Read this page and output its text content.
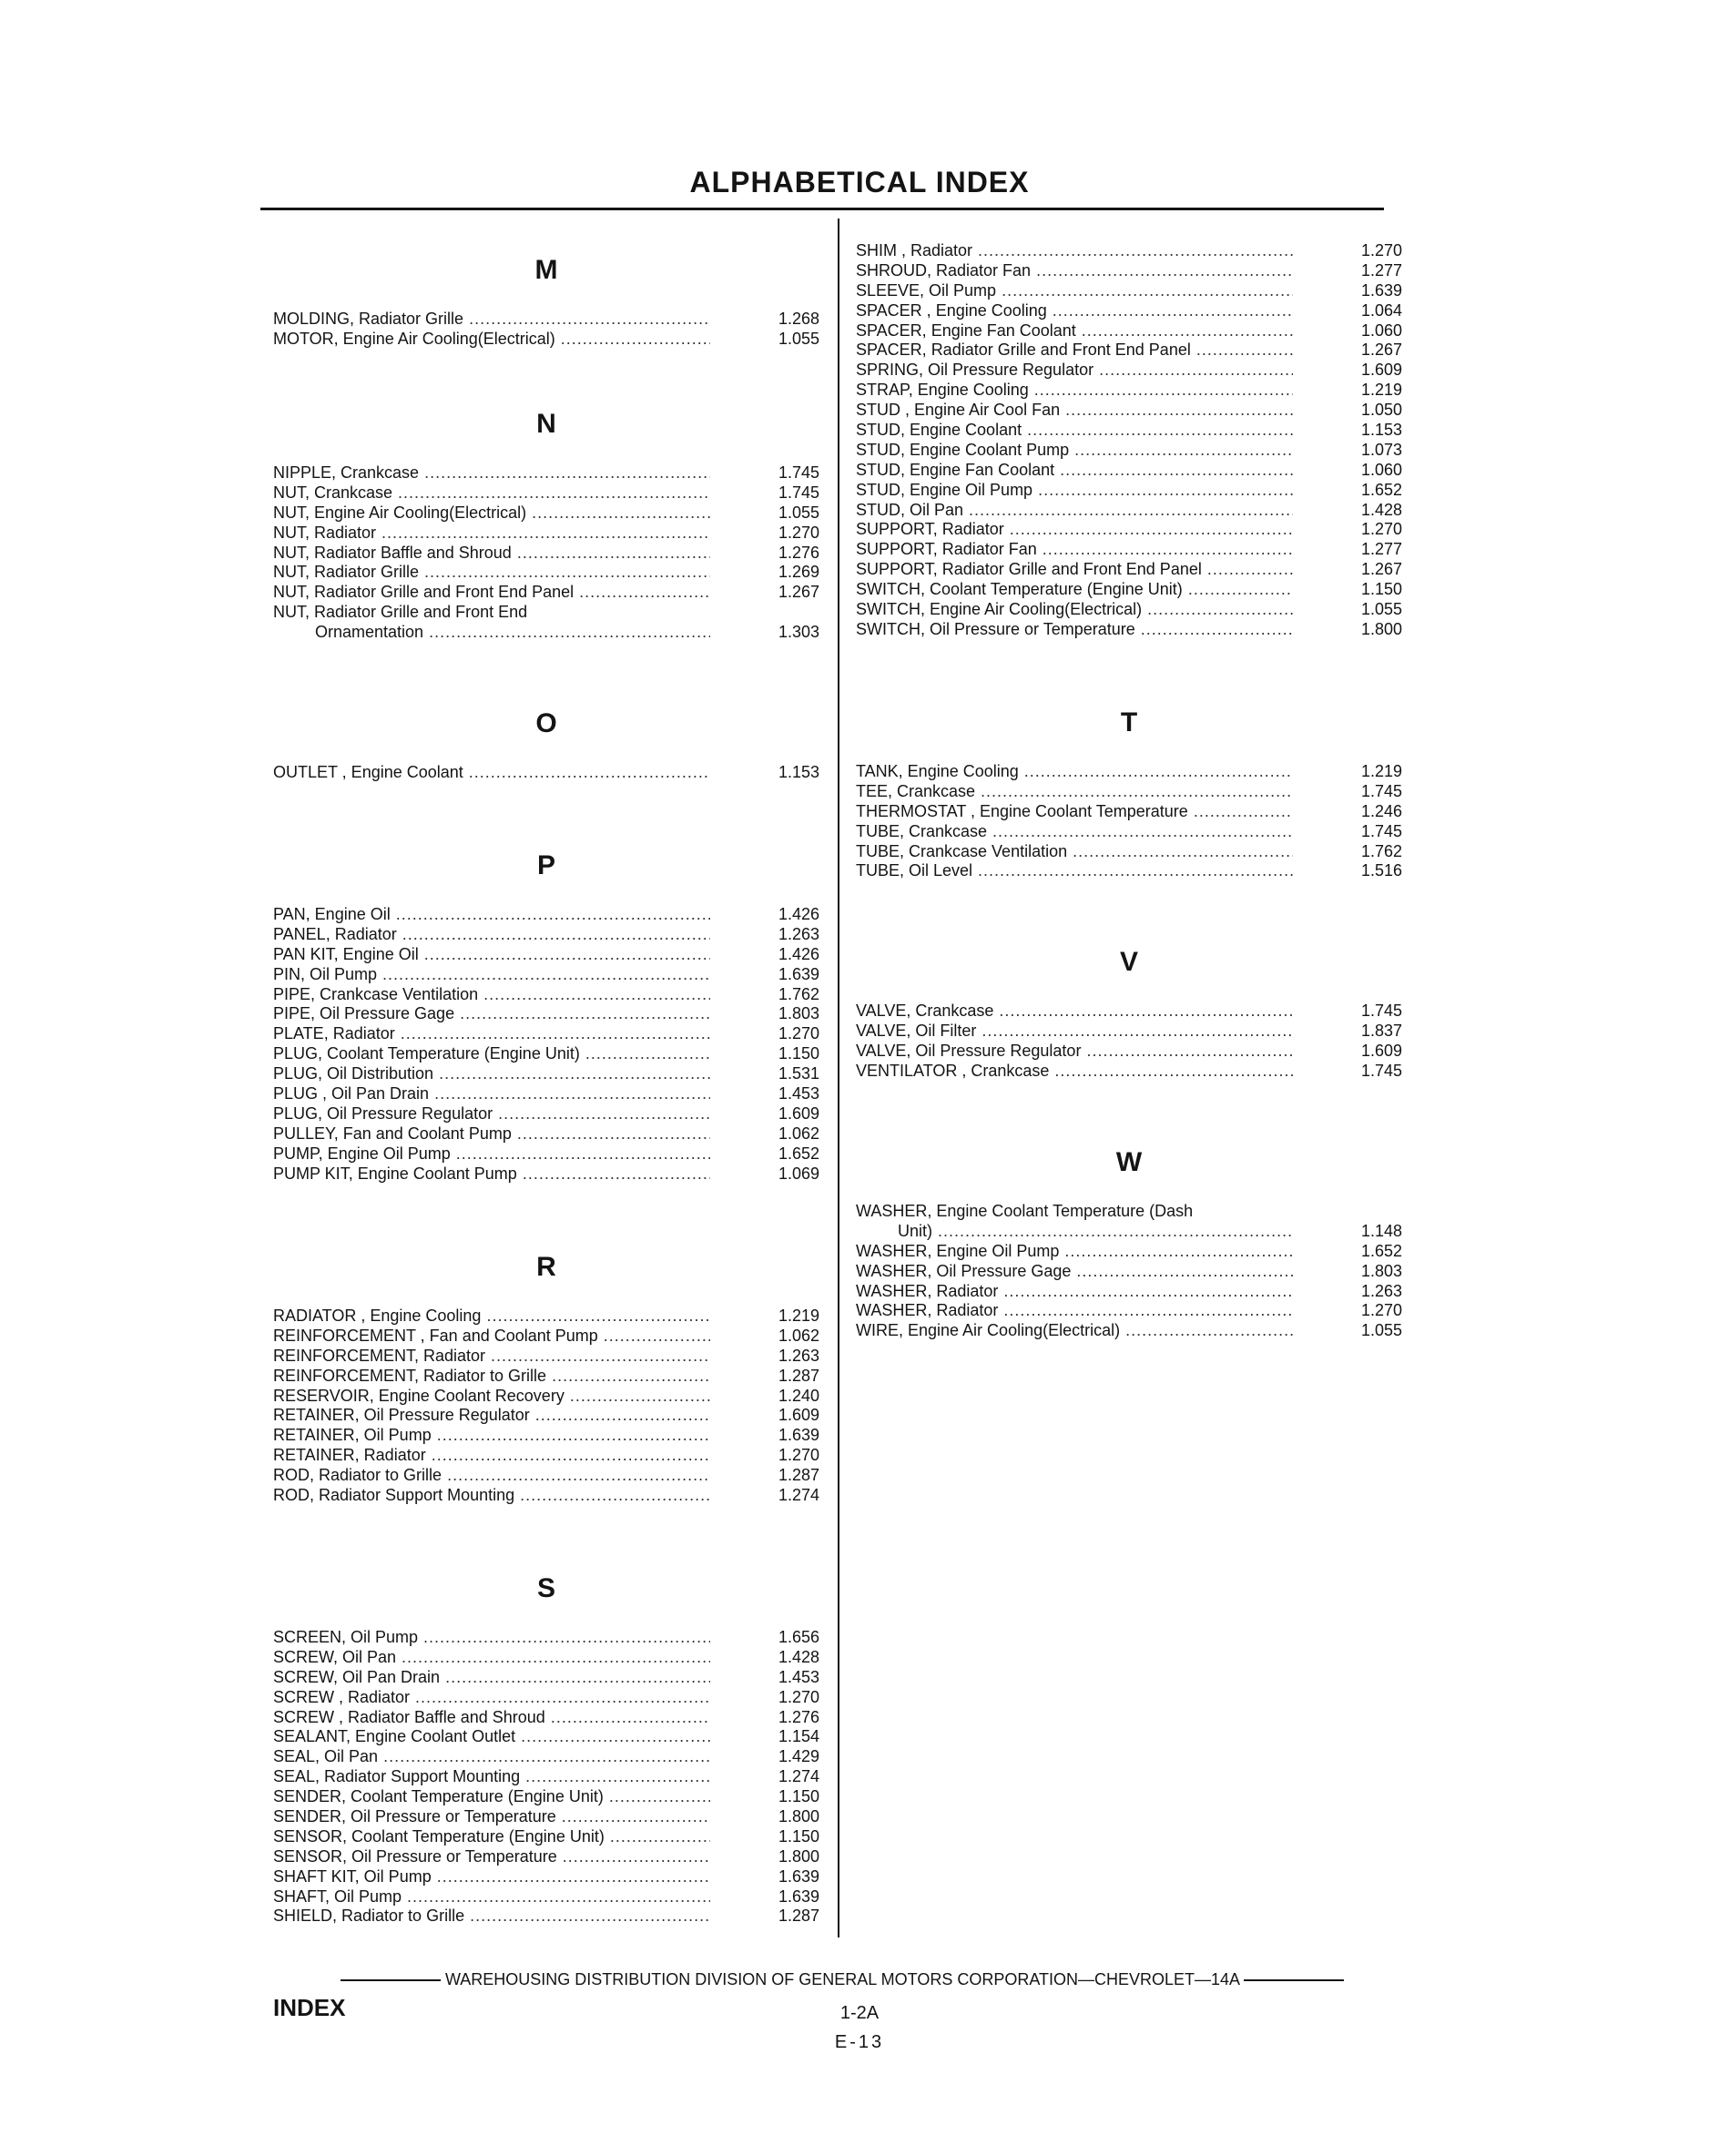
ALPHABETICAL INDEX
M
MOLDING, Radiator Grille .....	1.268
MOTOR, Engine Air Cooling(Electrical) .....	1.055
N
NIPPLE, Crankcase .....	1.745
NUT, Crankcase .....	1.745
NUT, Engine Air Cooling(Electrical) .....	1.055
NUT, Radiator .....	1.270
NUT, Radiator Baffle and Shroud .....	1.276
NUT, Radiator Grille .....	1.269
NUT, Radiator Grille and Front End Panel .....	1.267
NUT, Radiator Grille and Front End
Ornamentation .....	1.303
O
OUTLET , Engine Coolant .....	1.153
P
PAN, Engine Oil .....	1.426
PANEL, Radiator .....	1.263
PAN KIT, Engine Oil .....	1.426
PIN, Oil Pump .....	1.639
PIPE, Crankcase Ventilation .....	1.762
PIPE, Oil Pressure Gage .....	1.803
PLATE, Radiator .....	1.270
PLUG, Coolant Temperature (Engine Unit) .....	1.150
PLUG, Oil Distribution .....	1.531
PLUG , Oil Pan Drain .....	1.453
PLUG, Oil Pressure Regulator .....	1.609
PULLEY, Fan and Coolant Pump .....	1.062
PUMP, Engine Oil Pump .....	1.652
PUMP KIT, Engine Coolant Pump .....	1.069
R
RADIATOR , Engine Cooling .....	1.219
REINFORCEMENT , Fan and Coolant Pump .....	1.062
REINFORCEMENT, Radiator .....	1.263
REINFORCEMENT, Radiator to Grille .....	1.287
RESERVOIR, Engine Coolant Recovery .....	1.240
RETAINER, Oil Pressure Regulator .....	1.609
RETAINER, Oil Pump .....	1.639
RETAINER, Radiator .....	1.270
ROD, Radiator to Grille .....	1.287
ROD, Radiator Support Mounting .....	1.274
S
SCREEN, Oil Pump .....	1.656
SCREW, Oil Pan .....	1.428
SCREW, Oil Pan Drain .....	1.453
SCREW , Radiator .....	1.270
SCREW , Radiator Baffle and Shroud .....	1.276
SEALANT, Engine Coolant Outlet .....	1.154
SEAL, Oil Pan .....	1.429
SEAL, Radiator Support Mounting .....	1.274
SENDER, Coolant Temperature (Engine Unit) .....	1.150
SENDER, Oil Pressure or Temperature .....	1.800
SENSOR, Coolant Temperature (Engine Unit) .....	1.150
SENSOR, Oil Pressure or Temperature .....	1.800
SHAFT KIT, Oil Pump .....	1.639
SHAFT, Oil Pump .....	1.639
SHIELD, Radiator to Grille .....	1.287
SHIM , Radiator .....	1.270
SHROUD, Radiator Fan .....	1.277
SLEEVE, Oil Pump .....	1.639
SPACER , Engine Cooling .....	1.064
SPACER, Engine Fan Coolant .....	1.060
SPACER, Radiator Grille and Front End Panel .....	1.267
SPRING, Oil Pressure Regulator .....	1.609
STRAP, Engine Cooling .....	1.219
STUD , Engine Air Cool Fan .....	1.050
STUD, Engine Coolant .....	1.153
STUD, Engine Coolant Pump .....	1.073
STUD, Engine Fan Coolant .....	1.060
STUD, Engine Oil Pump .....	1.652
STUD, Oil Pan .....	1.428
SUPPORT, Radiator .....	1.270
SUPPORT, Radiator Fan .....	1.277
SUPPORT, Radiator Grille and Front End Panel .....	1.267
SWITCH, Coolant Temperature (Engine Unit) .....	1.150
SWITCH, Engine Air Cooling(Electrical) .....	1.055
SWITCH, Oil Pressure or Temperature .....	1.800
T
TANK, Engine Cooling .....	1.219
TEE, Crankcase .....	1.745
THERMOSTAT , Engine Coolant Temperature .....	1.246
TUBE, Crankcase .....	1.745
TUBE, Crankcase Ventilation .....	1.762
TUBE, Oil Level .....	1.516
V
VALVE, Crankcase .....	1.745
VALVE, Oil Filter .....	1.837
VALVE, Oil Pressure Regulator .....	1.609
VENTILATOR , Crankcase .....	1.745
W
WASHER, Engine Coolant Temperature (Dash
Unit) .....	1.148
WASHER, Engine Oil Pump .....	1.652
WASHER, Oil Pressure Gage .....	1.803
WASHER, Radiator .....	1.263
WASHER, Radiator .....	1.270
WIRE, Engine Air Cooling(Electrical) .....	1.055
WAREHOUSING DISTRIBUTION DIVISION OF GENERAL MOTORS CORPORATION—CHEVROLET—14A
INDEX	1-2A
E-13
